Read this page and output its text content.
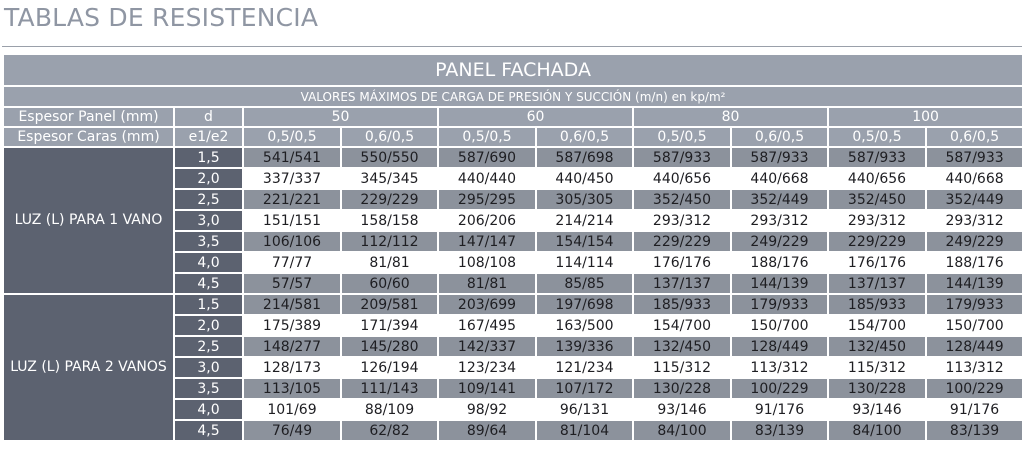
TABLAS DE RESISTENCIA
PANEL FACHADA									
VALORES MÁXIMOS DE CARGA DE PRESIÓN Y SUCCIÓN (m/n) en kp/m²									
Espesor Panel (mm)	d	50		60		80		100	
Espesor Caras (mm)	e1/e2	0,5/0,5	0,6/0,5	0,5/0,5	0,6/0,5	0,5/0,5	0,6/0,5	0,5/0,5	0,6/0,5
LUZ (L) PARA 1 VANO	1,5	541/541	550/550	587/690	587/698	587/933	587/933	587/933	587/933
	2,0	337/337	345/345	440/440	440/450	440/656	440/668	440/656	440/668
	2,5	221/221	229/229	295/295	305/305	352/450	352/449	352/450	352/449
	3,0	151/151	158/158	206/206	214/214	293/312	293/312	293/312	293/312
	3,5	106/106	112/112	147/147	154/154	229/229	249/229	229/229	249/229
	4,0	77/77	81/81	108/108	114/114	176/176	188/176	176/176	188/176
	4,5	57/57	60/60	81/81	85/85	137/137	144/139	137/137	144/139
LUZ (L) PARA 2 VANOS	1,5	214/581	209/581	203/699	197/698	185/933	179/933	185/933	179/933
	2,0	175/389	171/394	167/495	163/500	154/700	150/700	154/700	150/700
	2,5	148/277	145/280	142/337	139/336	132/450	128/449	132/450	128/449
	3,0	128/173	126/194	123/234	121/234	115/312	113/312	115/312	113/312
	3,5	113/105	111/143	109/141	107/172	130/228	100/229	130/228	100/229
	4,0	101/69	88/109	98/92	96/131	93/146	91/176	93/146	91/176
	4,5	76/49	62/82	89/64	81/104	84/100	83/139	84/100	83/139
